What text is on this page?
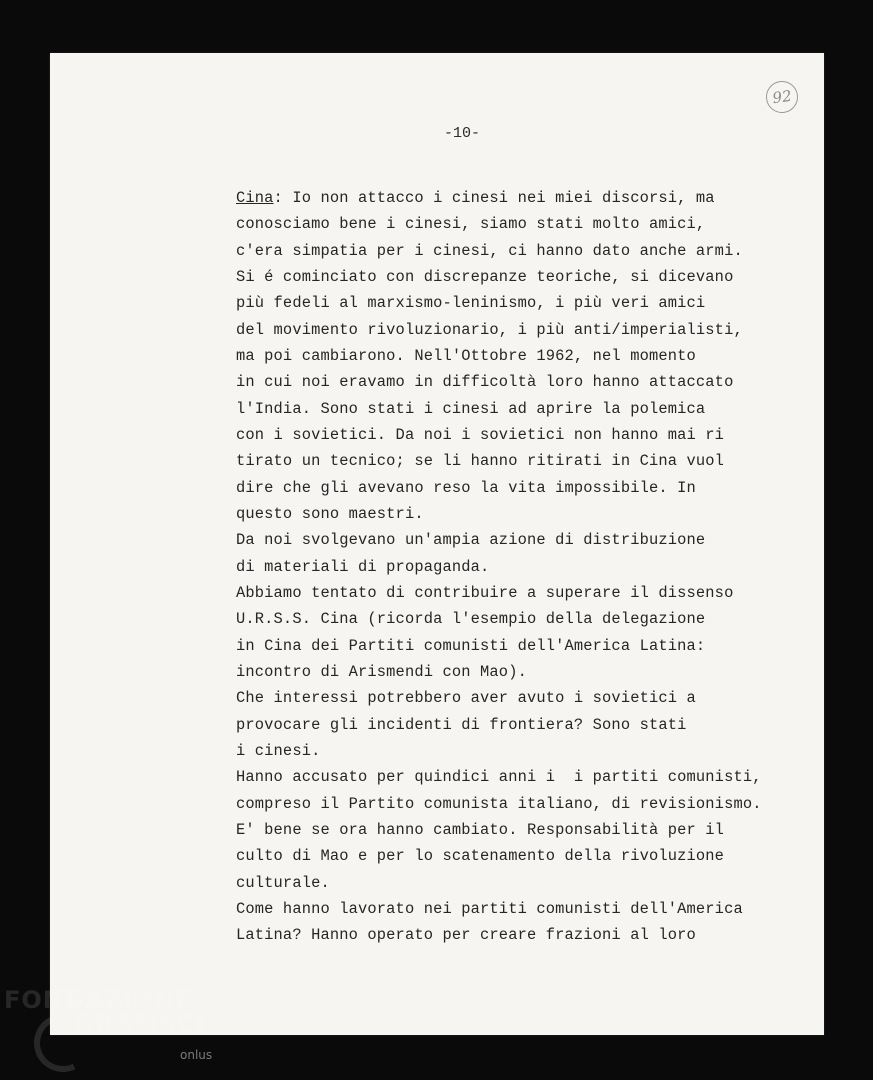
92
-10-
Cina: Io non attacco i cinesi nei miei discorsi, ma
conosciamo bene i cinesi, siamo stati molto amici,
c'era simpatia per i cinesi, ci hanno dato anche armi.
Si é cominciato con discrepanze teoriche, si dicevano
più fedeli al marxismo-leninismo, i più veri amici
del movimento rivoluzionario, i più anti/imperialisti,
ma poi cambiarono. Nell'Ottobre 1962, nel momento
in cui noi eravamo in difficoltà loro hanno attaccato
l'India. Sono stati i cinesi ad aprire la polemica
con i sovietici. Da noi i sovietici non hanno mai ri
tirato un tecnico; se li hanno ritirati in Cina vuol
dire che gli avevano reso la vita impossibile. In
questo sono maestri.
Da noi svolgevano un'ampia azione di distribuzione
di materiali di propaganda.
Abbiamo tentato di contribuire a superare il dissenso
U.R.S.S. Cina (ricorda l'esempio della delegazione
in Cina dei Partiti comunisti dell'America Latina:
incontro di Arismendi con Mao).
Che interessi potrebbero aver avuto i sovietici a
provocare gli incidenti di frontiera? Sono stati
i cinesi.
Hanno accusato per quindici anni i  i partiti comunisti,
compreso il Partito comunista italiano, di revisionismo.
E' bene se ora hanno cambiato. Responsabilità per il
culto di Mao e per lo scatenamento della rivoluzione
culturale.
Come hanno lavorato nei partiti comunisti dell'America
Latina? Hanno operato per creare frazioni al loro
FONDAZIONE
GRAMSCI
onlus
